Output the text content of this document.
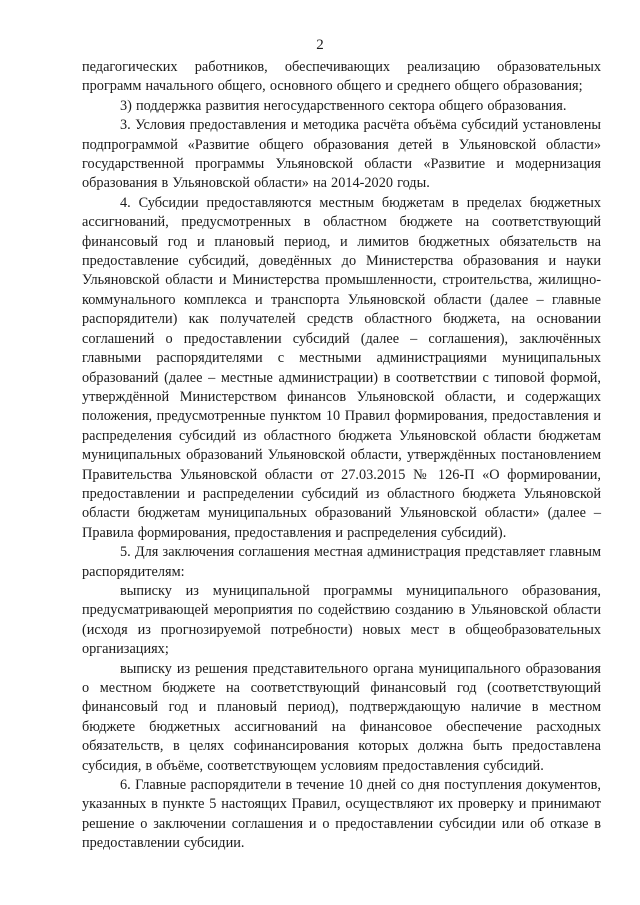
2

педагогических работников, обеспечивающих реализацию образовательных программ начального общего, основного общего и среднего общего образования;

3) поддержка развития негосударственного сектора общего образования.

3. Условия предоставления и методика расчёта объёма субсидий установлены подпрограммой «Развитие общего образования детей в Ульяновской области» государственной программы Ульяновской области «Развитие и модернизация образования в Ульяновской области» на 2014-2020 годы.

4. Субсидии предоставляются местным бюджетам в пределах бюджетных ассигнований, предусмотренных в областном бюджете на соответствующий финансовый год и плановый период, и лимитов бюджетных обязательств на предоставление субсидий, доведённых до Министерства образования и науки Ульяновской области и Министерства промышленности, строительства, жилищно-коммунального комплекса и транспорта Ульяновской области (далее – главные распорядители) как получателей средств областного бюджета, на основании соглашений о предоставлении субсидий (далее – соглашения), заключённых главными распорядителями с местными администрациями муниципальных образований (далее – местные администрации) в соответствии с типовой формой, утверждённой Министерством финансов Ульяновской области, и содержащих положения, предусмотренные пунктом 10 Правил формирования, предоставления и распределения субсидий из областного бюджета Ульяновской области бюджетам муниципальных образований Ульяновской области, утверждённых постановлением Правительства Ульяновской области от 27.03.2015 № 126-П «О формировании, предоставлении и распределении субсидий из областного бюджета Ульяновской области бюджетам муниципальных образований Ульяновской области» (далее – Правила формирования, предоставления и распределения субсидий).

5. Для заключения соглашения местная администрация представляет главным распорядителям:

выписку из муниципальной программы муниципального образования, предусматривающей мероприятия по содействию созданию в Ульяновской области (исходя из прогнозируемой потребности) новых мест в общеобразовательных организациях;

выписку из решения представительного органа муниципального образования о местном бюджете на соответствующий финансовый год (соответствующий финансовый год и плановый период), подтверждающую наличие в местном бюджете бюджетных ассигнований на финансовое обеспечение расходных обязательств, в целях софинансирования которых должна быть предоставлена субсидия, в объёме, соответствующем условиям предоставления субсидий.

6. Главные распорядители в течение 10 дней со дня поступления документов, указанных в пункте 5 настоящих Правил, осуществляют их проверку и принимают решение о заключении соглашения и о предоставлении субсидии или об отказе в предоставлении субсидии.
